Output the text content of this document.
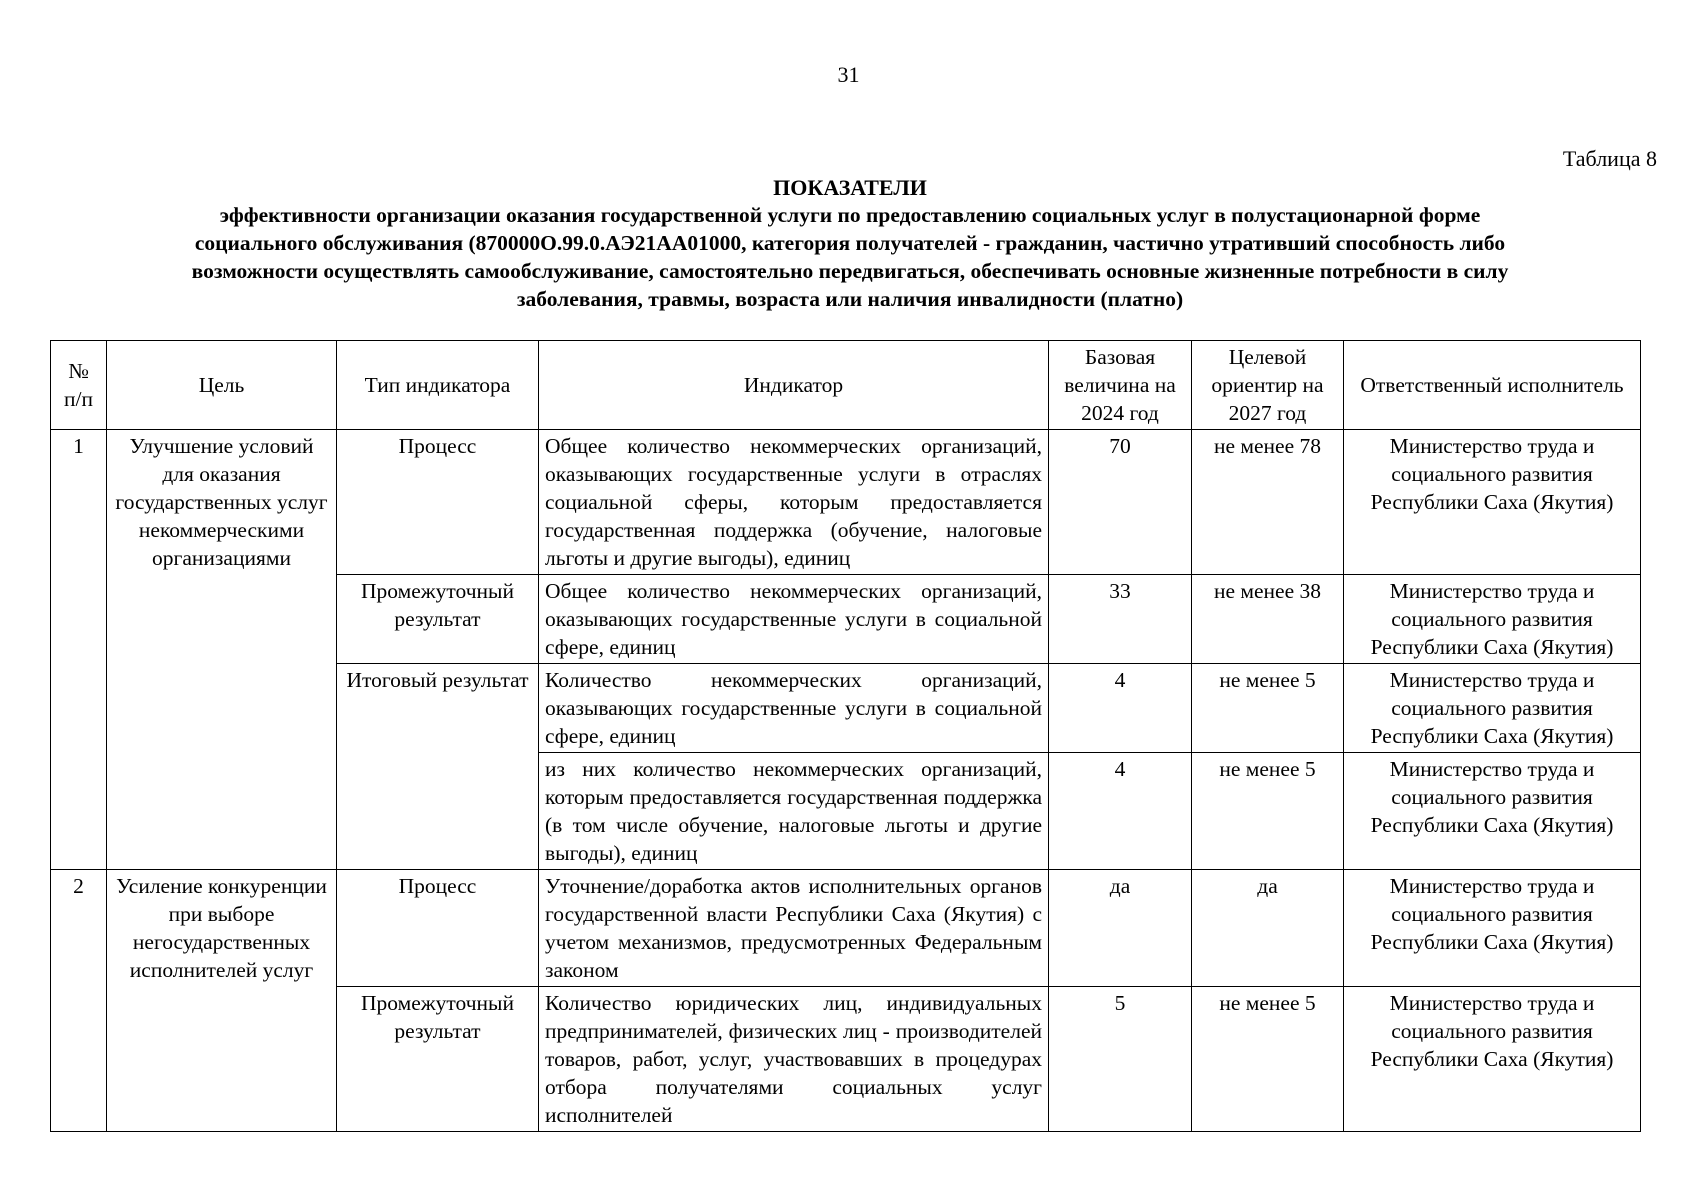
31
Таблица 8
ПОКАЗАТЕЛИ
эффективности организации оказания государственной услуги по предоставлению социальных услуг в полустационарной форме социального обслуживания (870000О.99.0.АЭ21АА01000, категория получателей - гражданин, частично утративший способность либо возможности осуществлять самообслуживание, самостоятельно передвигаться, обеспечивать основные жизненные потребности в силу заболевания, травмы, возраста или наличия инвалидности (платно)
№ п/п	Цель	Тип индикатора	Индикатор	Базовая величина на 2024 год	Целевой ориентир на 2027 год	Ответственный исполнитель
1	Улучшение условий для оказания государственных услуг некоммерческими организациями	Процесс	Общее количество некоммерческих организаций, оказывающих государственные услуги в отраслях социальной сферы, которым предоставляется государственная поддержка (обучение, налоговые льготы и другие выгоды), единиц	70	не менее 78	Министерство труда и социального развития Республики Саха (Якутия)
		Промежуточный результат	Общее количество некоммерческих организаций, оказывающих государственные услуги в социальной сфере, единиц	33	не менее 38	Министерство труда и социального развития Республики Саха (Якутия)
		Итоговый результат	Количество некоммерческих организаций, оказывающих государственные услуги в социальной сфере, единиц	4	не менее 5	Министерство труда и социального развития Республики Саха (Якутия)
			из них количество некоммерческих организаций, которым предоставляется государственная поддержка (в том числе обучение, налоговые льготы и другие выгоды), единиц	4	не менее 5	Министерство труда и социального развития Республики Саха (Якутия)
2	Усиление конкуренции при выборе негосударственных исполнителей услуг	Процесс	Уточнение/доработка актов исполнительных органов государственной власти Республики Саха (Якутия) с учетом механизмов, предусмотренных Федеральным законом	да	да	Министерство труда и социального развития Республики Саха (Якутия)
		Промежуточный результат	Количество юридических лиц, индивидуальных предпринимателей, физических лиц - производителей товаров, работ, услуг, участвовавших в процедурах отбора получателями социальных услуг исполнителей	5	не менее 5	Министерство труда и социального развития Республики Саха (Якутия)
